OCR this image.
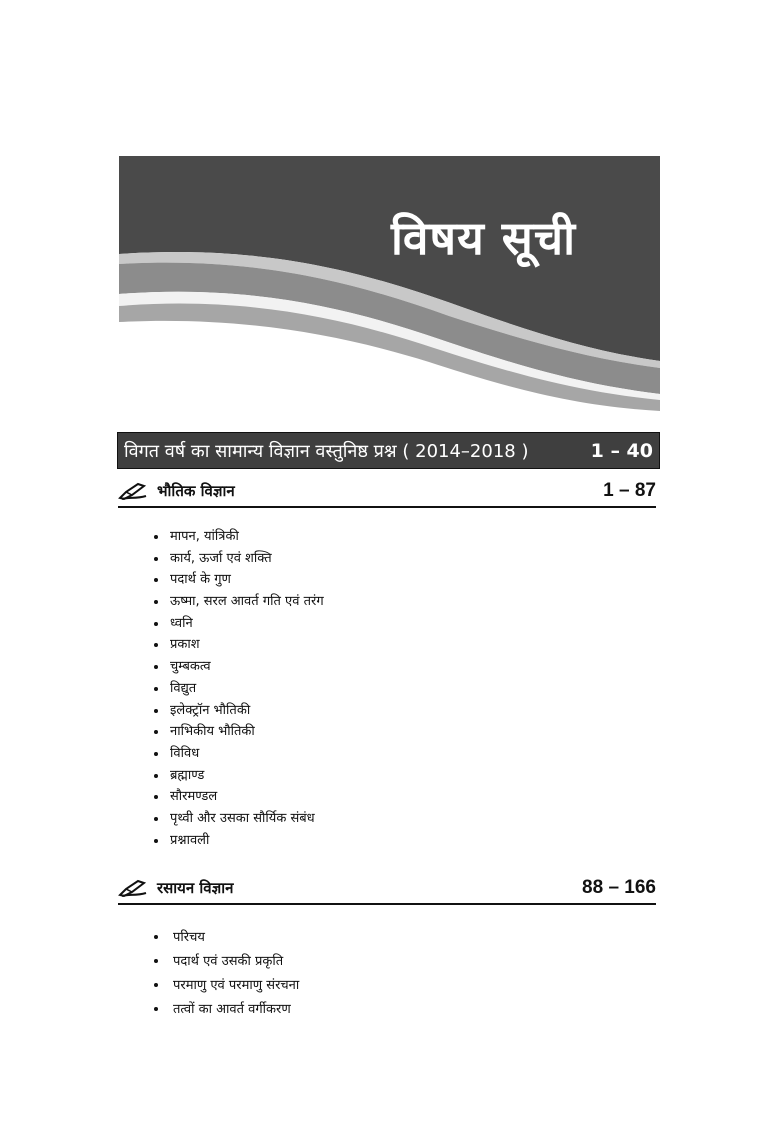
विषय सूची
विगत वर्ष का सामान्य विज्ञान वस्तुनिष्ठ प्रश्न ( 2014–2018 )	1 – 40
भौतिक विज्ञान	1 – 87
मापन, यांत्रिकी
कार्य, ऊर्जा एवं शक्ति
पदार्थ के गुण
ऊष्मा, सरल आवर्त गति एवं तरंग
ध्वनि
प्रकाश
चुम्बकत्व
विद्युत
इलेक्ट्रॉन भौतिकी
नाभिकीय भौतिकी
विविध
ब्रह्माण्ड
सौरमण्डल
पृथ्वी और उसका सौर्यिक संबंध
प्रश्नावली
रसायन विज्ञान	88 – 166
परिचय
पदार्थ एवं उसकी प्रकृति
परमाणु एवं परमाणु संरचना
तत्वों का आवर्त वर्गीकरण
